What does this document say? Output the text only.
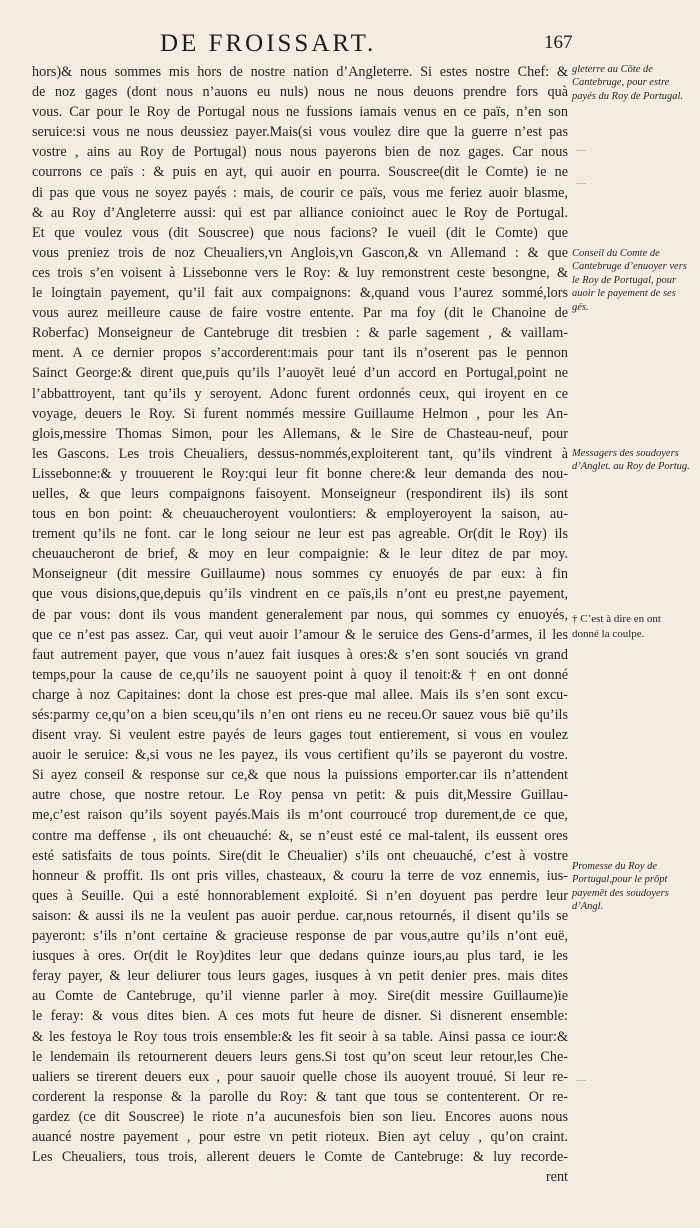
DE FROISSART.	167
hors)& nous sommes mis hors de nostre nation d’Angleterre. Si estes nostre Chef: &
de noz gages (dont nous n’auons eu nuls) nous ne nous deuons prendre fors quà
vous. Car pour le Roy de Portugal nous ne fussions iamais venus en ce païs, n’en son
seruice:si vous ne nous deussiez payer.Mais(si vous voulez dire que la guerre n’est pas
vostre , ains au Roy de Portugal) nous nous payerons bien de noz gages. Car nous
courrons ce païs : & puis en ayt, qui auoir en pourra. Souscree(dit le Comte) ie ne
di pas que vous ne soyez payés : mais, de courir ce païs, vous me feriez auoir blasme,
& au Roy d’Angleterre aussi: qui est par alliance conioinct auec le Roy de Portugal.
Et que voulez vous (dit Souscree) que nous facions? Ie vueil (dit le Comte) que
vous preniez trois de noz Cheualiers,vn Anglois,vn Gascon,& vn Allemand : & que
ces trois s’en voisent à Lissebonne vers le Roy: & luy remonstrent ceste besongne, &
le loingtain payement, qu’il fait aux compaignons: &,quand vous l’aurez sommé,lors
vous aurez meilleure cause de faire vostre entente. Par ma foy (dit le Chanoine de
Roberfac) Monseigneur de Cantebruge dit tresbien : & parle sagement , & vaillam-
ment. A ce dernier propos s’accorderent:mais pour tant ils n’oserent pas le pennon
Sainct George:& dirent que,puis qu’ils l’auoyēt leué d’un accord en Portugal,point ne
l’abbattroyent, tant qu’ils y seroyent. Adonc furent ordonnés ceux, qui iroyent en ce
voyage, deuers le Roy. Si furent nommés messire Guillaume Helmon , pour les An-
glois,messire Thomas Simon, pour les Allemans, & le Sire de Chasteau-neuf, pour
les Gascons. Les trois Cheualiers, dessus-nommés,exploiterent tant, qu’ils vindrent à
Lissebonne:& y trouuerent le Roy:qui leur fit bonne chere:& leur demanda des nou-
uelles, & que leurs compaignons faisoyent. Monseigneur (respondirent ils) ils sont
tous en bon point: & cheuaucheroyent voulontiers: & employeroyent la saison, au-
trement qu’ils ne font. car le long seiour ne leur est pas agreable. Or(dit le Roy) ils
cheuaucheront de brief, & moy en leur compaignie: & le leur ditez de par moy.
Monseigneur (dit messire Guillaume) nous sommes cy enuoyés de par eux: à fin
que vous disions,que,depuis qu’ils vindrent en ce païs,ils n’ont eu prest,ne payement,
de par vous: dont ils vous mandent generalement par nous, qui sommes cy enuoyés,
que ce n’est pas assez. Car, qui veut auoir l’amour & le seruice des Gens-d’armes, il les
faut autrement payer, que vous n’auez fait iusques à ores:& s’en sont souciés vn grand
temps,pour la cause de ce,qu’ils ne sauoyent point à quoy il tenoit:& † en ont donné
charge à noz Capitaines: dont la chose est pres-que mal allee. Mais ils s’en sont excu-
sés:parmy ce,qu’on a bien sceu,qu’ils n’en ont riens eu ne receu.Or sauez vous biē qu’ils
disent vray. Si veulent estre payés de leurs gages tout entierement, si vous en voulez
auoir le seruice: &,si vous ne les payez, ils vous certifient qu’ils se payeront du vostre.
Si ayez conseil & response sur ce,& que nous la puissions emporter.car ils n’attendent
autre chose, que nostre retour. Le Roy pensa vn petit: & puis dit,Messire Guillau-
me,c’est raison qu’ils soyent payés.Mais ils m’ont courroucé trop durement,de ce que,
contre ma deffense , ils ont cheuauché: &, se n’eust esté ce mal-talent, ils eussent ores
esté satisfaits de tous points. Sire(dit le Cheualier) s’ils ont cheuauché, c’est à vostre
honneur & proffit. Ils ont pris villes, chasteaux, & couru la terre de voz ennemis, ius-
ques à Seuille. Qui a esté honnorablement exploité. Si n’en doyuent pas perdre leur
saison: & aussi ils ne la veulent pas auoir perdue. car,nous retournés, il disent qu’ils se
payeront: s’ils n’ont certaine & gracieuse response de par vous,autre qu’ils n’ont euë,
iusques à ores. Or(dit le Roy)dites leur que dedans quinze iours,au plus tard, ie les
feray payer, & leur deliurer tous leurs gages, iusques à vn petit denier pres. mais dites
au Comte de Cantebruge, qu’il vienne parler à moy. Sire(dit messire Guillaume)ie
le feray: & vous dites bien. A ces mots fut heure de disner. Si disnerent ensemble:
& les festoya le Roy tous trois ensemble:& les fit seoir à sa table. Ainsi passa ce iour:&
le lendemain ils retournerent deuers leurs gens.Si tost qu’on sceut leur retour,les Che-
ualiers se tirerent deuers eux , pour sauoir quelle chose ils auoyent trouué. Si leur re-
corderent la response & la parolle du Roy: & tant que tous se contenterent. Or re-
gardez (ce dit Souscree) le riote n’a aucunesfois bien son lieu. Encores auons nous
auancé nostre payement , pour estre vn petit rioteux. Bien ayt celuy , qu’on craint.
Les Cheualiers, tous trois, allerent deuers le Comte de Cantebruge: & luy recorde-
rent
gleterre au Cōte de Cantebruge, pour estre payés du Roy de Portugal.
Conseil du Comte de Cantebruge d’enuoyer vers le Roy de Portugal, pour auoir le payement de ses gés.
Messagers des soudoyers d’Anglet. au Roy de Portug.
† C’est à dire en ont donné la coulpe.
Promesse du Roy de Portugal,pour le prōpt payemēt des soudoyers d’Angl.
